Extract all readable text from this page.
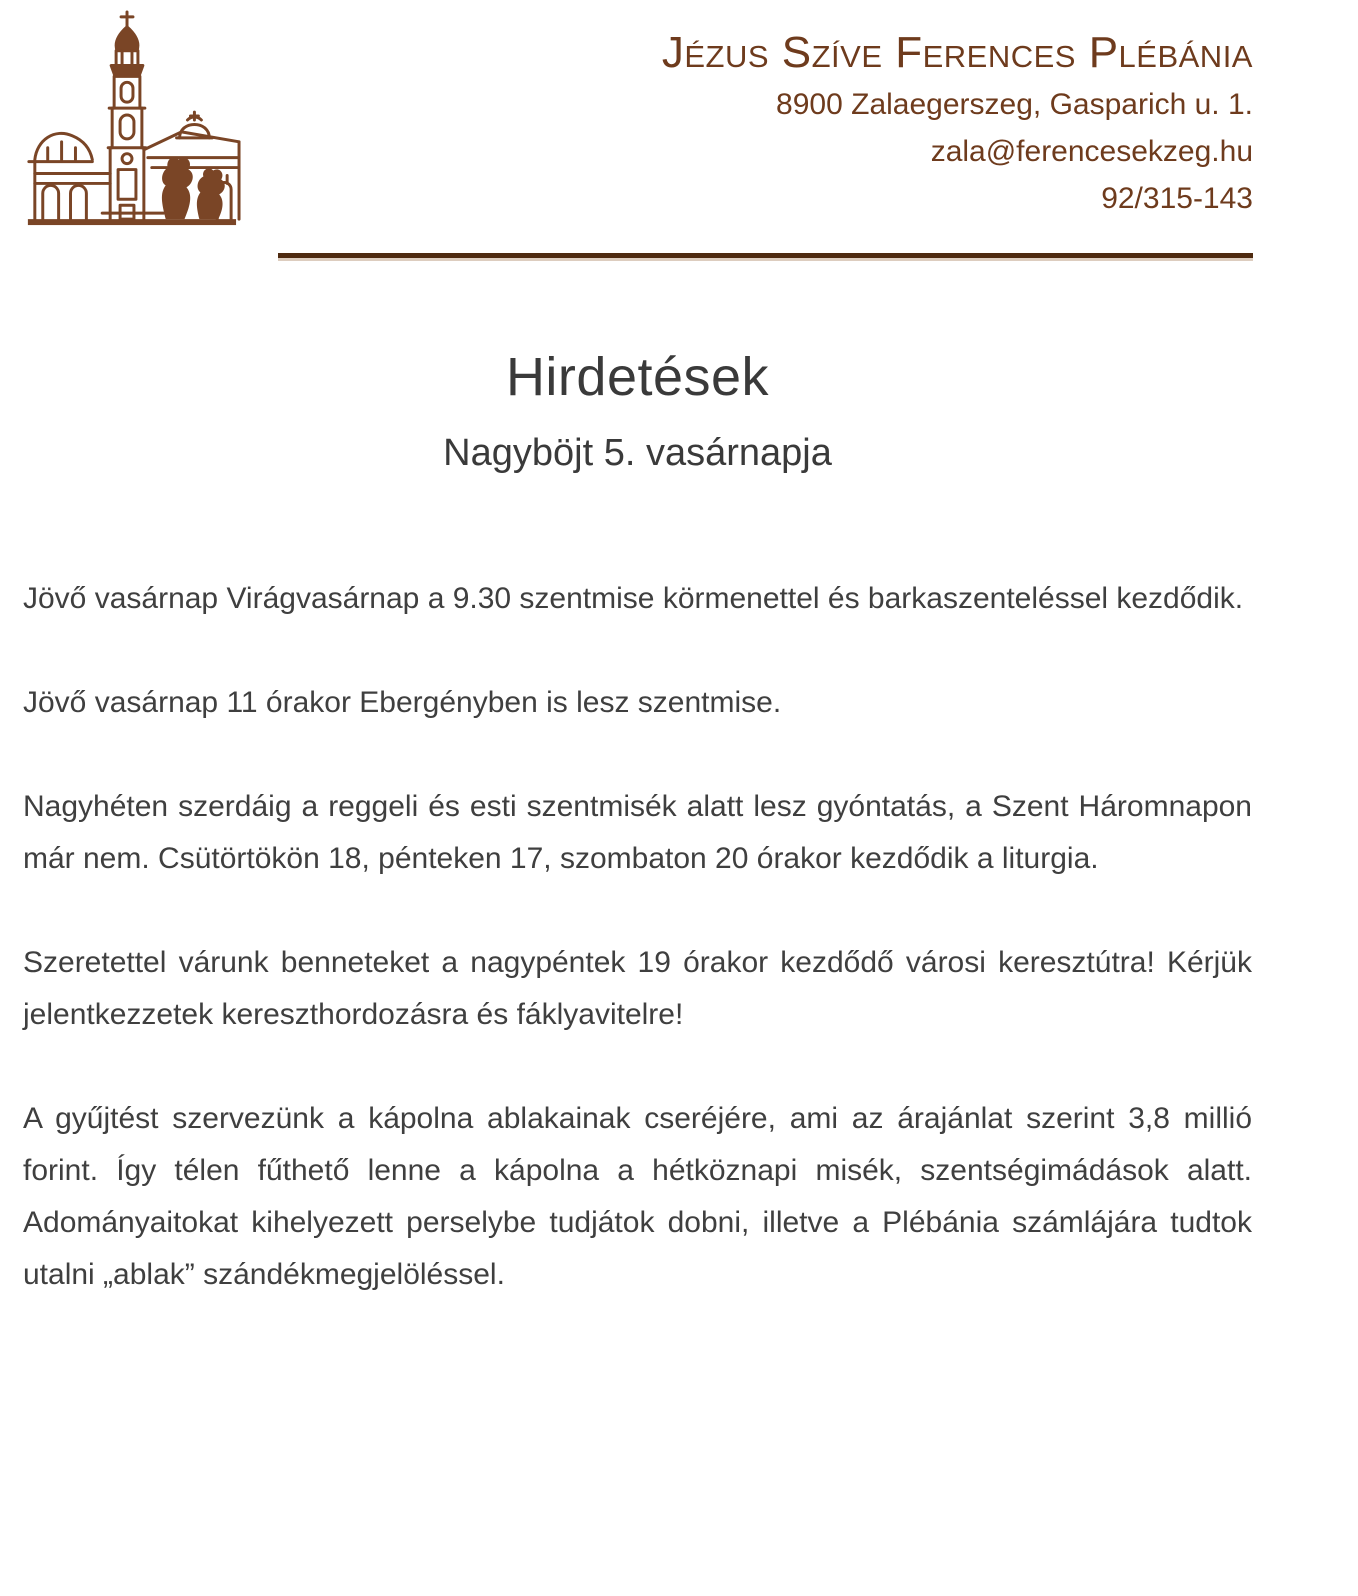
Jézus Szíve Ferences Plébánia
8900 Zalaegerszeg, Gasparich u. 1.
zala@ferencesekzeg.hu
92/315-143
Hirdetések
Nagyböjt 5. vasárnapja

Jövő vasárnap Virágvasárnap a 9.30 szentmise körmenettel és barkaszenteléssel kezdődik.

Jövő vasárnap 11 órakor Ebergényben is lesz szentmise.

Nagyhéten szerdáig a reggeli és esti szentmisék alatt lesz gyóntatás, a Szent Háromnapon már nem. Csütörtökön 18, pénteken 17, szombaton 20 órakor kezdődik a liturgia.

Szeretettel várunk benneteket a nagypéntek 19 órakor kezdődő városi keresztútra! Kérjük jelentkezzetek kereszthordozásra és fáklyavitelre!

A gyűjtést szervezünk a kápolna ablakainak cseréjére, ami az árajánlat szerint 3,8 millió forint. Így télen fűthető lenne a kápolna a hétköznapi misék, szentségimádások alatt. Adományaitokat kihelyezett perselybe tudjátok dobni, illetve a Plébánia számlájára tudtok utalni „ablak” szándékmegjelöléssel.
